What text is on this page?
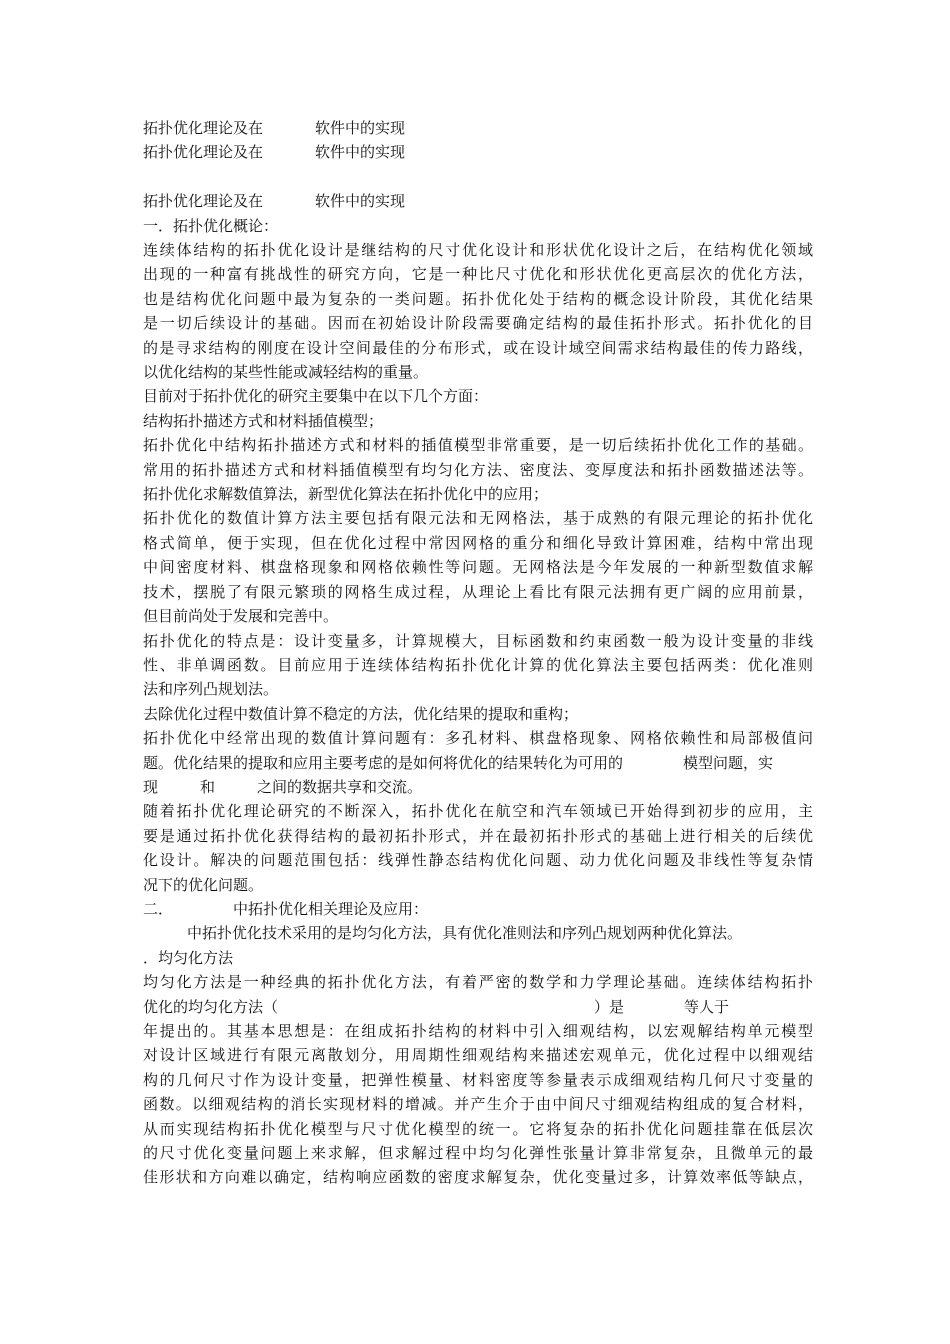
拓扑优化理论及在	软件中的实现
拓扑优化理论及在	软件中的实现
拓扑优化理论及在	软件中的实现
一．拓扑优化概论：
连续体结构的拓扑优化设计是继结构的尺寸优化设计和形状优化设计之后，在结构优化领域
出现的一种富有挑战性的研究方向，它是一种比尺寸优化和形状优化更高层次的优化方法，
也是结构优化问题中最为复杂的一类问题。拓扑优化处于结构的概念设计阶段，其优化结果
是一切后续设计的基础。因而在初始设计阶段需要确定结构的最佳拓扑形式。拓扑优化的目
的是寻求结构的刚度在设计空间最佳的分布形式，或在设计域空间需求结构最佳的传力路线，
以优化结构的某些性能或减轻结构的重量。
目前对于拓扑优化的研究主要集中在以下几个方面：
结构拓扑描述方式和材料插值模型；
拓扑优化中结构拓扑描述方式和材料的插值模型非常重要，是一切后续拓扑优化工作的基础。
常用的拓扑描述方式和材料插值模型有均匀化方法、密度法、变厚度法和拓扑函数描述法等。
拓扑优化求解数值算法，新型优化算法在拓扑优化中的应用；
拓扑优化的数值计算方法主要包括有限元法和无网格法，基于成熟的有限元理论的拓扑优化
格式简单，便于实现，但在优化过程中常因网格的重分和细化导致计算困难，结构中常出现
中间密度材料、棋盘格现象和网格依赖性等问题。无网格法是今年发展的一种新型数值求解
技术，摆脱了有限元繁琐的网格生成过程，从理论上看比有限元法拥有更广阔的应用前景，
但目前尚处于发展和完善中。
拓扑优化的特点是：设计变量多，计算规模大，目标函数和约束函数一般为设计变量的非线
性、非单调函数。目前应用于连续体结构拓扑优化计算的优化算法主要包括两类：优化准则
法和序列凸规划法。
去除优化过程中数值计算不稳定的方法，优化结果的提取和重构；
拓扑优化中经常出现的数值计算问题有：多孔材料、棋盘格现象、网格依赖性和局部极值问
题。优化结果的提取和应用主要考虑的是如何将优化的结果转化为可用的	模型问题，实
现	和	之间的数据共享和交流。
随着拓扑优化理论研究的不断深入，拓扑优化在航空和汽车领域已开始得到初步的应用，主
要是通过拓扑优化获得结构的最初拓扑形式，并在最初拓扑形式的基础上进行相关的后续优
化设计。解决的问题范围包括：线弹性静态结构优化问题、动力优化问题及非线性等复杂情
况下的优化问题。
二．	中拓扑优化相关理论及应用：
中拓扑优化技术采用的是均匀化方法，具有优化准则法和序列凸规划两种优化算法。
．均匀化方法
均匀化方法是一种经典的拓扑优化方法，有着严密的数学和力学理论基础。连续体结构拓扑
优化的均匀化方法（	）是	等人于
年提出的。其基本思想是：在组成拓扑结构的材料中引入细观结构，以宏观解结构单元模型
对设计区域进行有限元离散划分，用周期性细观结构来描述宏观单元，优化过程中以细观结
构的几何尺寸作为设计变量，把弹性模量、材料密度等参量表示成细观结构几何尺寸变量的
函数。以细观结构的消长实现材料的增减。并产生介于由中间尺寸细观结构组成的复合材料，
从而实现结构拓扑优化模型与尺寸优化模型的统一。它将复杂的拓扑优化问题挂靠在低层次
的尺寸优化变量问题上来求解，但求解过程中均匀化弹性张量计算非常复杂，且微单元的最
佳形状和方向难以确定，结构响应函数的密度求解复杂，优化变量过多，计算效率低等缺点，
